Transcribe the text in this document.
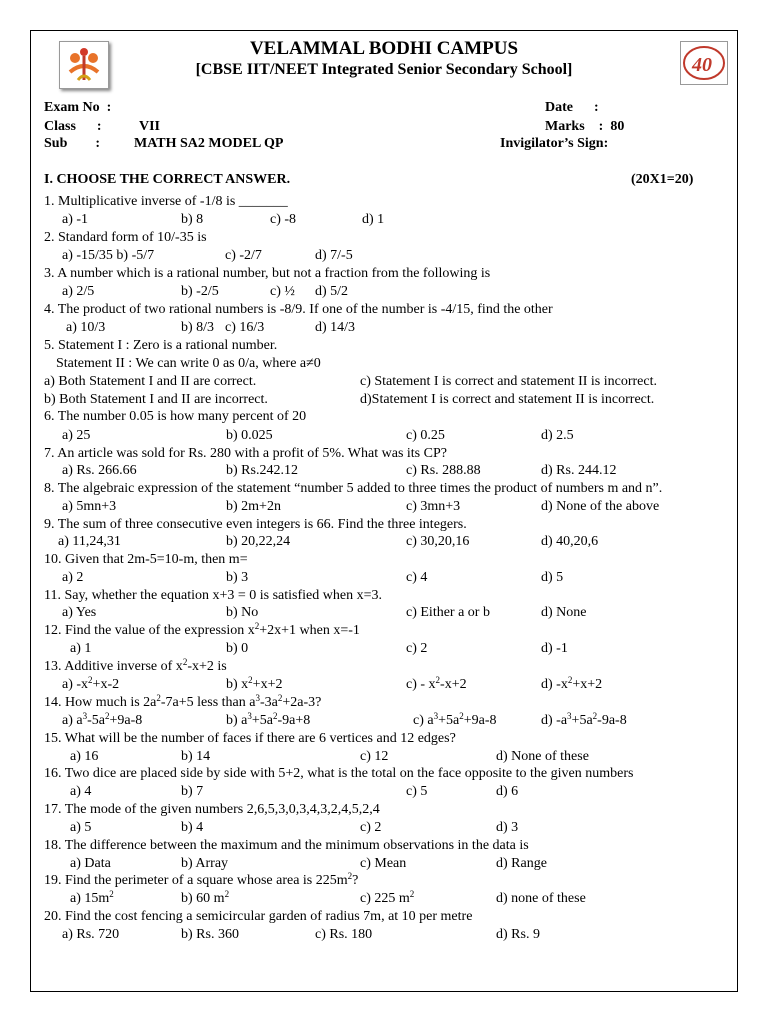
40
VELAMMAL BODHI CAMPUS
[CBSE IIT/NEET Integrated Senior Secondary School]
Exam No  :
Class      :	VII
Sub        : MATH SA2 MODEL QP
Date      :
Marks    :  80
Invigilator’s Sign:
I. CHOOSE THE CORRECT ANSWER.	(20X1=20)
1. Multiplicative inverse of -1/8 is _______
a) -1	b) 8	c) -8	d) 1
2. Standard form of 10/-35 is
a) -15/35 b) -5/7	c) -2/7	d) 7/-5
3. A number which is a rational number, but not a fraction from the following is
a) 2/5	b) -2/5	c) ½ d) 5/2
4. The product of two rational numbers is -8/9. If one of the number is -4/15, find the other
a) 10/3	b) 8/3 c) 16/3	d) 14/3
5. Statement I : Zero is a rational number.
Statement II : We can write 0 as 0/a, where a≠0
a) Both Statement I and II are correct.	c) Statement I is correct and statement II is incorrect.
b) Both Statement I and II are incorrect.	d)Statement I is correct and statement II is incorrect.
6. The number 0.05 is how many percent of 20
a) 25	b) 0.025	c) 0.25	d) 2.5
7. An article was sold for Rs. 280 with a profit of 5%. What was its CP?
a) Rs. 266.66	b) Rs.242.12	c) Rs. 288.88	d) Rs. 244.12
8. The algebraic expression of the statement “number 5 added to three times the product of numbers m and n”.
a) 5mn+3	b) 2m+2n	c) 3mn+3	d) None of the above
9. The sum of three consecutive even integers is 66. Find the three integers.
a) 11,24,31	b) 20,22,24	c) 30,20,16	d) 40,20,6
10. Given that 2m-5=10-m, then m=
a) 2	b) 3	c) 4	d) 5
11. Say, whether the equation x+3 = 0 is satisfied when x=3.
a) Yes	b) No	c) Either a or b	d) None
12. Find the value of the expression $x^2+2x+1$ when x=-1
a) 1	b) 0	c) 2	d) -1
13. Additive inverse of $x^2-x+2$ is
a) $-x^2+x-2$	b) $x^2+x+2$	$c) - x^2-x+2$	d) $-x^2+x+2$
14. How much is $2a^2-7a+5$ less than $a^3-3a^2+2a-3$?
a) $a^3-5a^2+9a-8$	b) $a^3+5a^2-9a+8$	c) $a^3+5a^2+9a-8$	d) $-a^3+5a^2-9a-8$
15. What will be the number of faces if there are 6 vertices and 12 edges?
a) 16	b) 14	c) 12	d) None of these
16. Two dice are placed side by side with 5+2, what is the total on the face opposite to the given numbers
a) 4	b) 7	c) 5	d) 6
17. The mode of the given numbers 2,6,5,3,0,3,4,3,2,4,5,2,4
a) 5	b) 4	c) 2	d) 3
18. The difference between the maximum and the minimum observations in the data is
a) Data	b) Array	c) Mean	d) Range
19. Find the perimeter of a square whose area is $225m^2$?
a) $15m^2$	b) 60 $m^2$	c) 225 $m^2$	d) none of these
20. Find the cost fencing a semicircular garden of radius 7m, at 10 per metre
a) Rs. 720	b) Rs. 360	c) Rs. 180	d) Rs. 9
